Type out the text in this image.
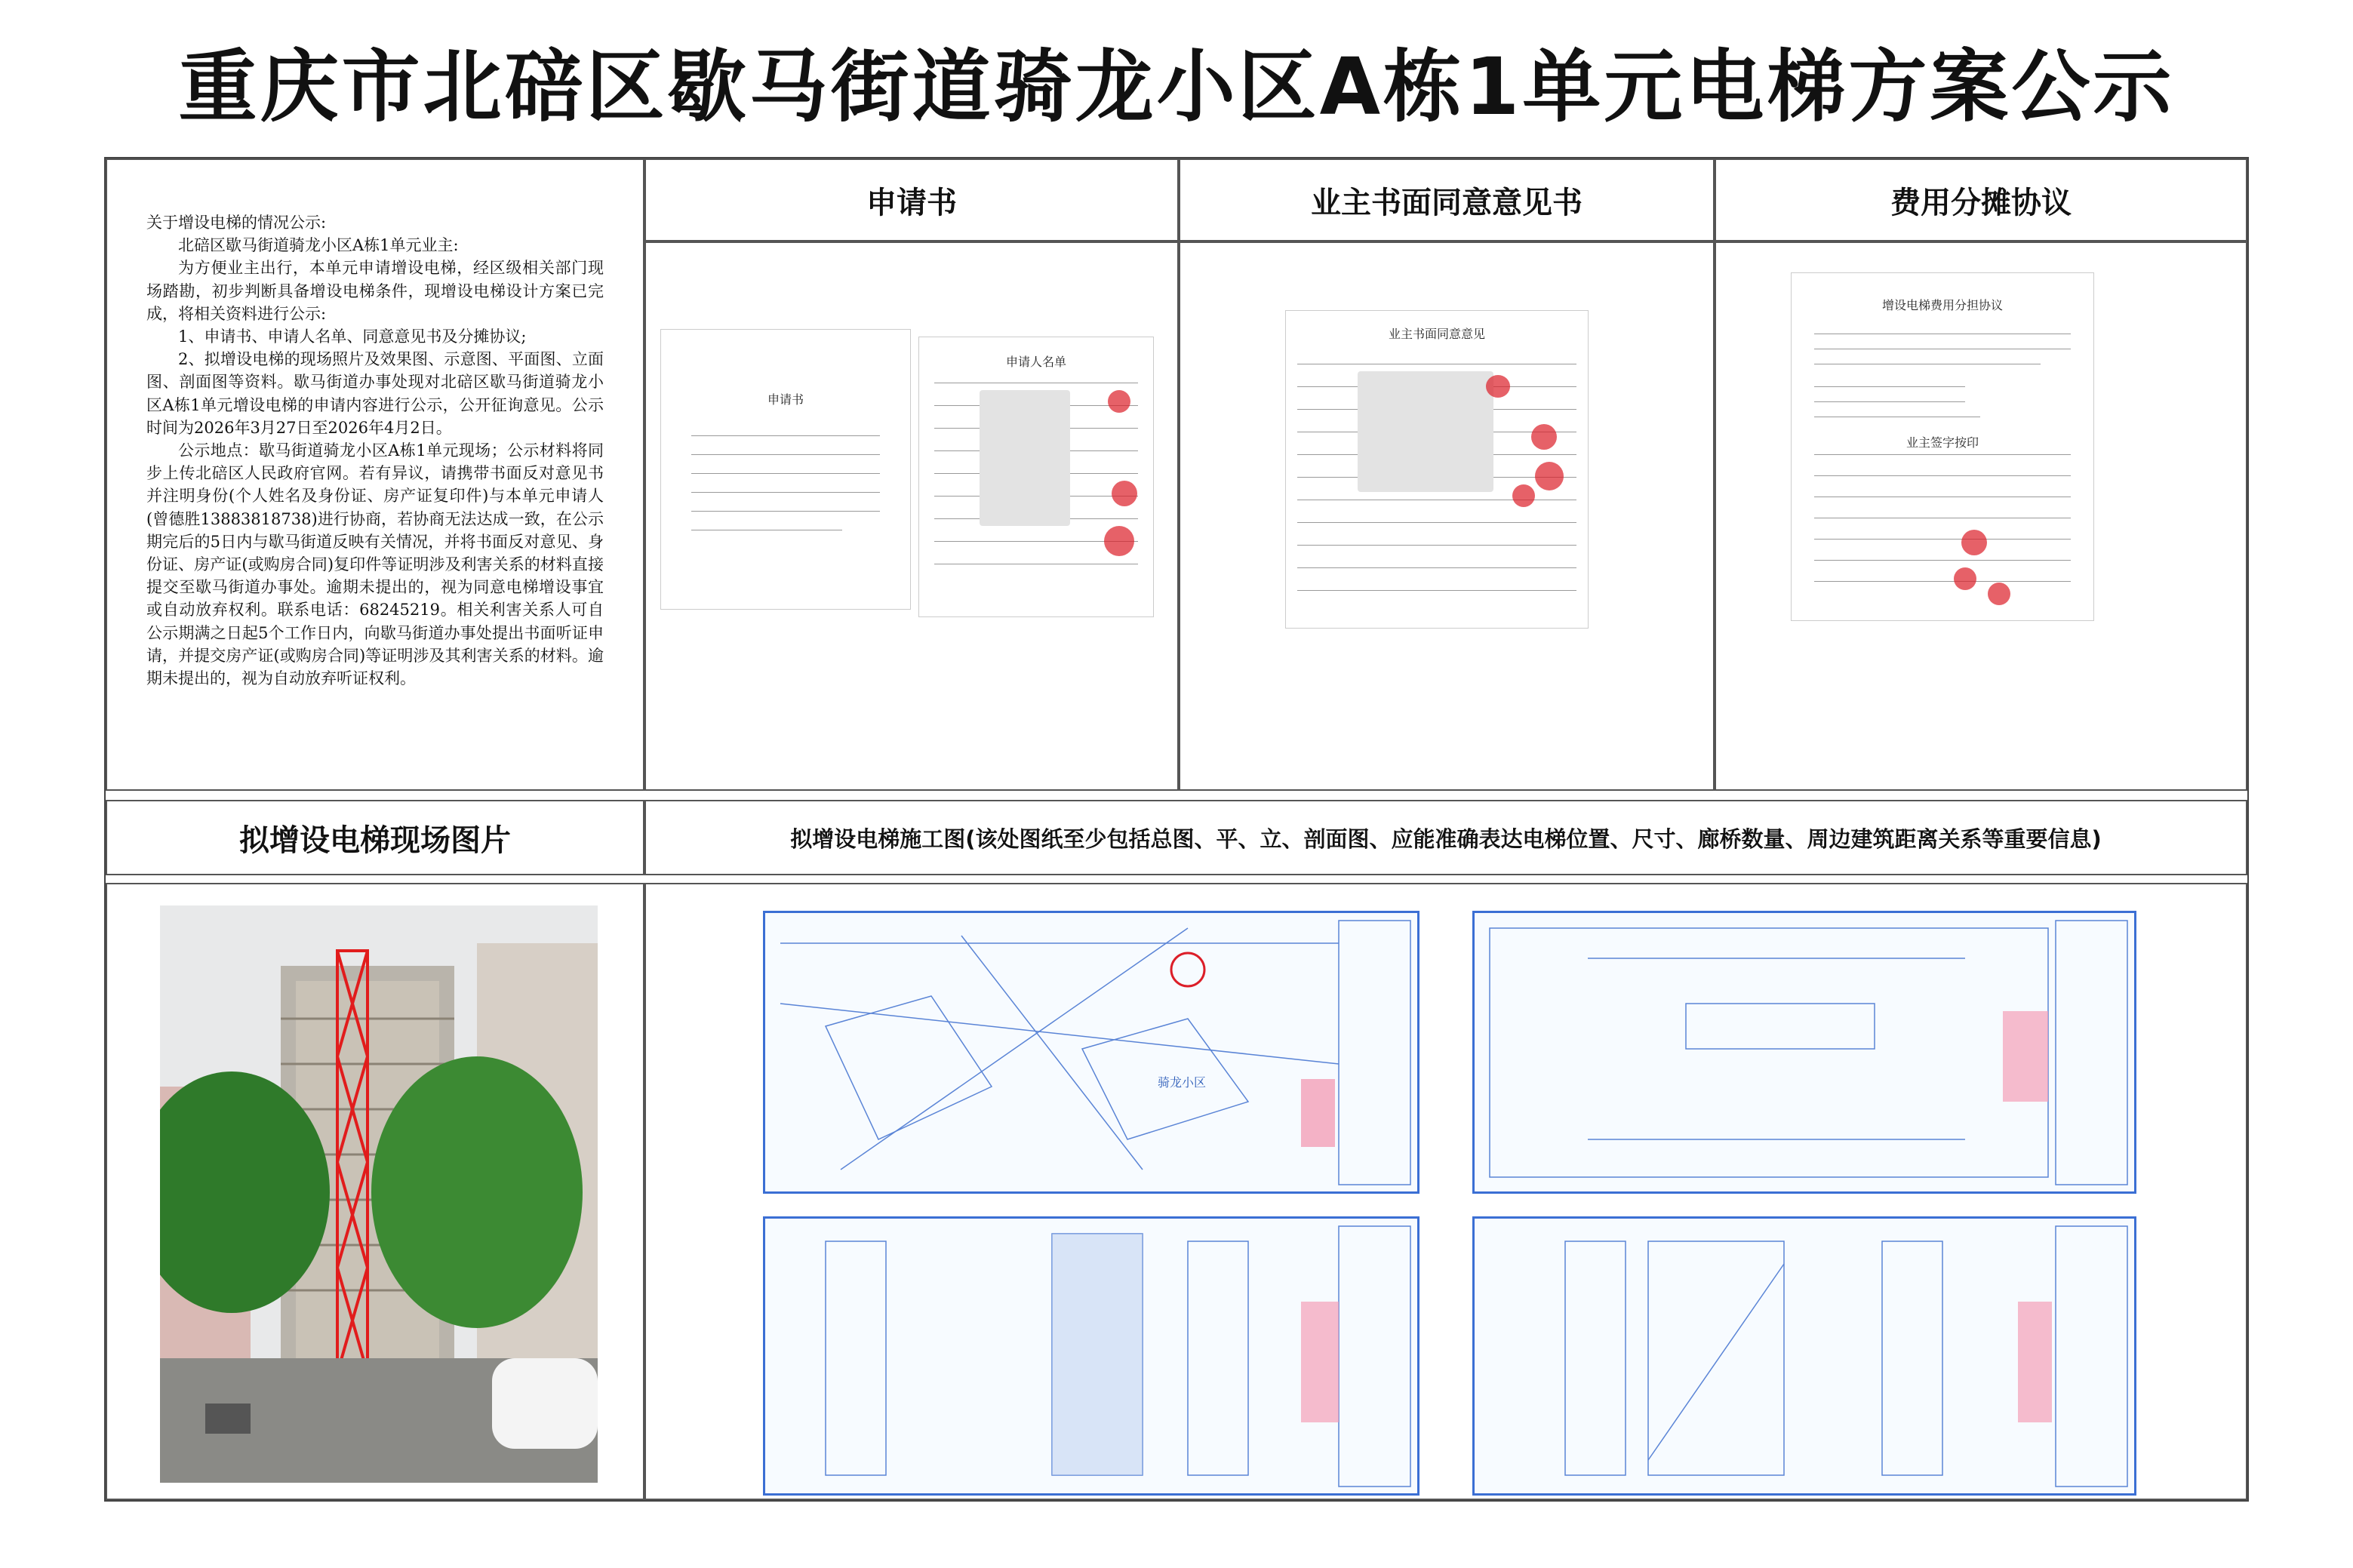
重庆市北碚区歇马街道骑龙小区A栋1单元电梯方案公示

关于增设电梯的情况公示:

北碚区歇马街道骑龙小区A栋1单元业主:

为方便业主出行，本单元申请增设电梯，经区级相关部门现场踏勘，初步判断具备增设电梯条件，现增设电梯设计方案已完成，将相关资料进行公示:

1、申请书、申请人名单、同意意见书及分摊协议;

2、拟增设电梯的现场照片及效果图、示意图、平面图、立面图、剖面图等资料。歇马街道办事处现对北碚区歇马街道骑龙小区A栋1单元增设电梯的申请内容进行公示，公开征询意见。公示时间为2026年3月27日至2026年4月2日。

公示地点：歇马街道骑龙小区A栋1单元现场；公示材料将同步上传北碚区人民政府官网。若有异议，请携带书面反对意见书并注明身份(个人姓名及身份证、房产证复印件)与本单元申请人(曾德胜13883818738)进行协商，若协商无法达成一致，在公示期完后的5日内与歇马街道反映有关情况，并将书面反对意见、身份证、房产证(或购房合同)复印件等证明涉及利害关系的材料直接提交至歇马街道办事处。逾期未提出的，视为同意电梯增设事宜或自动放弃权利。联系电话：68245219。相关利害关系人可自公示期满之日起5个工作日内，向歇马街道办事处提出书面听证申请，并提交房产证(或购房合同)等证明涉及其利害关系的材料。逾期未提出的，视为自动放弃听证权利。

申请书	业主书面同意意见书	费用分摊协议
申请书
申请人名单
业主书面同意意见
增设电梯费用分担协议
业主签字按印
拟增设电梯现场图片	拟增设电梯施工图(该处图纸至少包括总图、平、立、剖面图、应能准确表达电梯位置、尺寸、廊桥数量、周边建筑距离关系等重要信息)
骑龙小区
